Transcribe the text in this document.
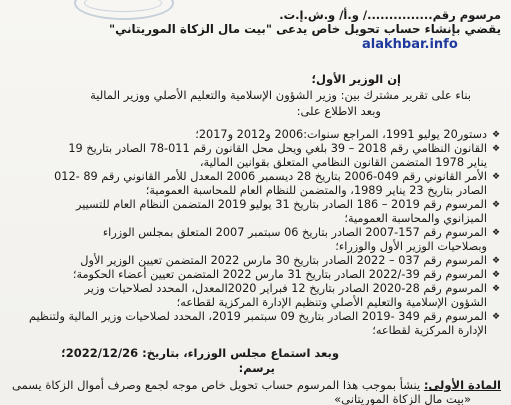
مرسوم رقم.............../ و.أ/ و.ش.إ.ت.
يقضي بإنشاء حساب تحويل خاص يدعى "بيت مال الزكاة الموريتاني"
alakhbar.info
إن الوزير الأول؛
بناء على تقرير مشترك بين: وزير الشؤون الإسلامية والتعليم الأصلي ووزير المالية
وبعد الاطلاع على:
❖
دستور20 يوليو 1991، المراجع سنوات:2006 و2012 و2017؛
❖
القانون النظامي رقم 2018 – 39 بلغي ويحل محل القانون رقم 011-78 الصادر بتاريخ 19
يناير 1978 المتضمن القانون النظامي المتعلق بقوانين المالية،
❖
الأمر القانوني رقم 049-2006 بتاريخ 28 ديسمبر 2006 المعدل للأمر القانوني رقم 89 -012
الصادر بتاريخ 23 يناير 1989، والمتضمن للنظام العام للمحاسبة العمومية؛
❖
المرسوم رقم 2019 – 186 الصادر بتاريخ 31 يوليو 2019 المتضمن النظام العام للتسيير
الميزانوي والمحاسبة العمومية؛
❖
المرسوم رقم 157-2007 الصادر بتاريخ 06 سبتمبر 2007 المتعلق بمجلس الوزراء
وبصلاحيات الوزير الأول والوزراء؛
❖
المرسوم رقم 037 – 2022 الصادر بتاريخ 30 مارس 2022 المتضمن تعيين الوزير الأول
❖
المرسوم رقم 39-/2022 الصادر بتاريخ 31 مارس 2022 المتضمن تعيين أعضاء الحكومة؛
❖
المرسوم رقم 28-2020 الصادر بتاريخ 12 فبراير 2020المعدل، المحدد لصلاحيات وزير
الشؤون الإسلامية والتعليم الأصلي وتنظيم الإدارة المركزية لقطاعه؛
❖
المرسوم رقم 349 -2019 الصادر بتاريخ 09 سبتمبر 2019، المحدد لصلاحيات وزير المالية ولتنظيم
الإدارة المركزية لقطاعه؛
وبعد استماع مجلس الوزراء، بتاريخ: 2022/12/26؛
يرسم:
المادة الأولى: ينشأ بموجب هذا المرسوم حساب تحويل خاص موجه لجمع وصرف أموال الزكاة يسمى
«بيت مال الزكاة الموريتاني»
